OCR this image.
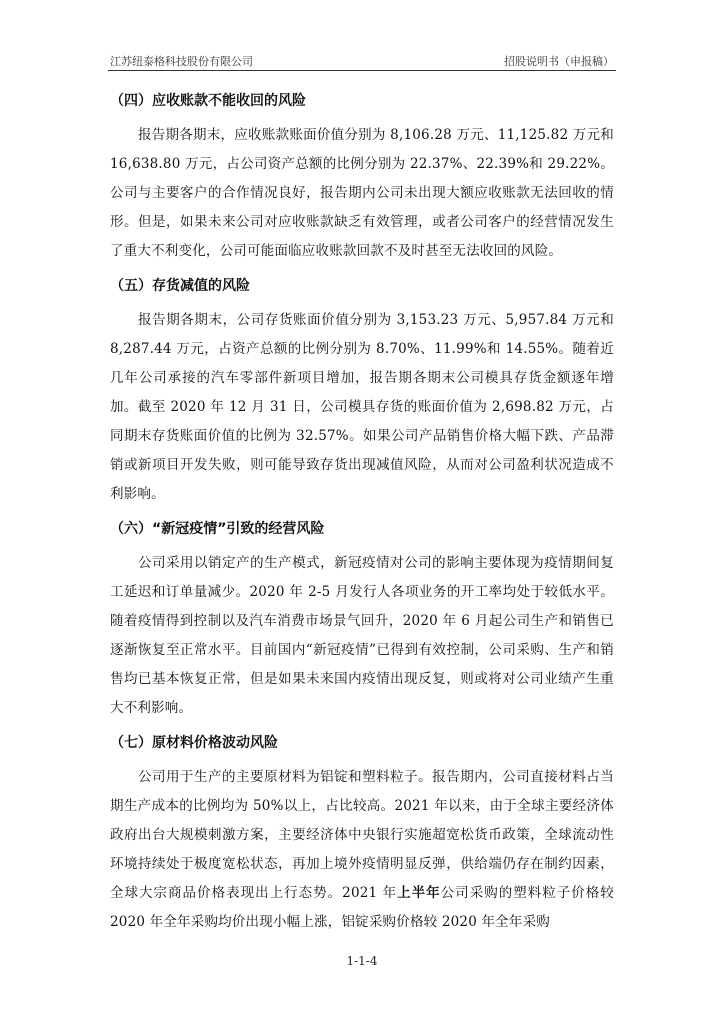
江苏纽泰格科技股份有限公司	招股说明书（申报稿）
（四）应收账款不能收回的风险

报告期各期末，应收账款账面价值分别为 8,106.28 万元、11,125.82 万元和 16,638.80 万元，占公司资产总额的比例分别为 22.37%、22.39%和 29.22%。公司与主要客户的合作情况良好，报告期内公司未出现大额应收账款无法回收的情形。但是，如果未来公司对应收账款缺乏有效管理，或者公司客户的经营情况发生了重大不利变化，公司可能面临应收账款回款不及时甚至无法收回的风险。

（五）存货减值的风险

报告期各期末，公司存货账面价值分别为 3,153.23 万元、5,957.84 万元和 8,287.44 万元，占资产总额的比例分别为 8.70%、11.99%和 14.55%。随着近几年公司承接的汽车零部件新项目增加，报告期各期末公司模具存货金额逐年增加。截至 2020 年 12 月 31 日，公司模具存货的账面价值为 2,698.82 万元，占同期末存货账面价值的比例为 32.57%。如果公司产品销售价格大幅下跌、产品滞销或新项目开发失败，则可能导致存货出现减值风险，从而对公司盈利状况造成不利影响。

（六）“新冠疫情”引致的经营风险

公司采用以销定产的生产模式，新冠疫情对公司的影响主要体现为疫情期间复工延迟和订单量减少。2020 年 2-5 月发行人各项业务的开工率均处于较低水平。随着疫情得到控制以及汽车消费市场景气回升，2020 年 6 月起公司生产和销售已逐渐恢复至正常水平。目前国内“新冠疫情”已得到有效控制，公司采购、生产和销售均已基本恢复正常，但是如果未来国内疫情出现反复，则或将对公司业绩产生重大不利影响。

（七）原材料价格波动风险

公司用于生产的主要原材料为铝锭和塑料粒子。报告期内，公司直接材料占当期生产成本的比例均为 50%以上，占比较高。2021 年以来，由于全球主要经济体政府出台大规模刺激方案，主要经济体中央银行实施超宽松货币政策，全球流动性环境持续处于极度宽松状态，再加上境外疫情明显反弹，供给端仍存在制约因素，全球大宗商品价格表现出上行态势。2021 年上半年公司采购的塑料粒子价格较 2020 年全年采购均价出现小幅上涨，铝锭采购价格较 2020 年全年采购

1-1-4
